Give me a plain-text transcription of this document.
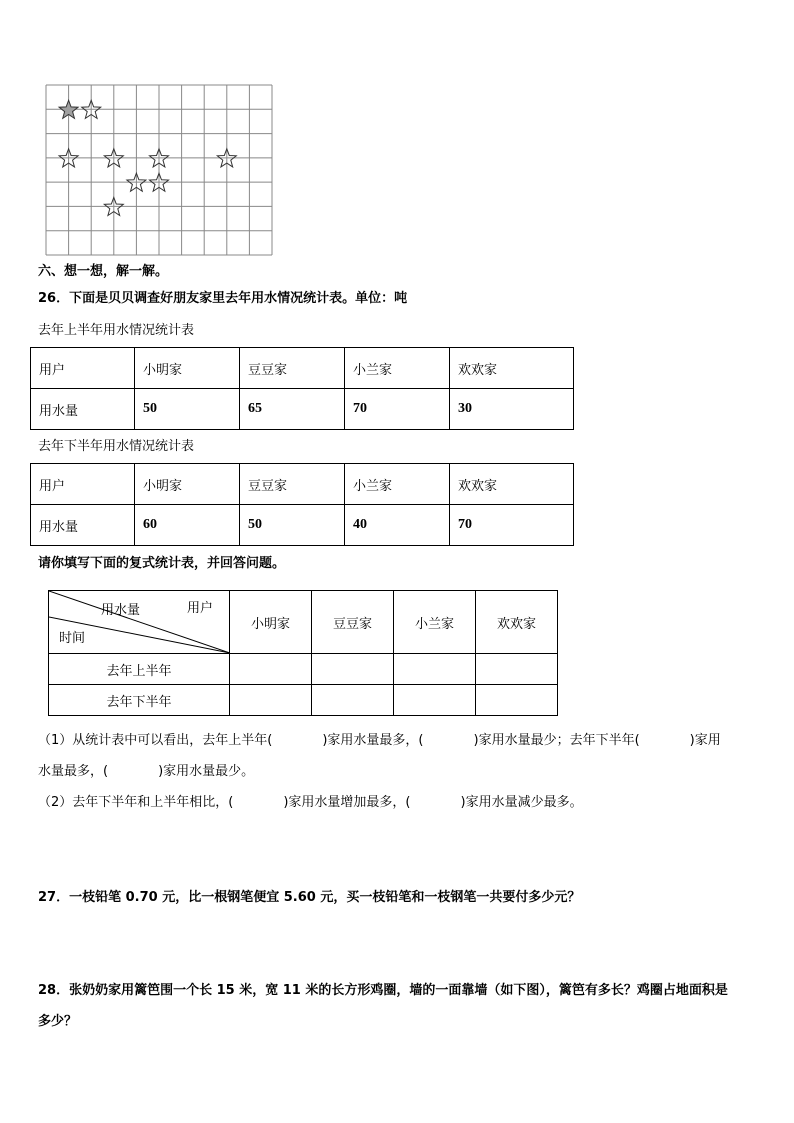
六、想一想，解一解。
26．下面是贝贝调查好朋友家里去年用水情况统计表。单位：吨
去年上半年用水情况统计表
用户	小明家	豆豆家	小兰家	欢欢家
用水量	50	65	70	30
去年下半年用水情况统计表
用户	小明家	豆豆家	小兰家	欢欢家
用水量	60	50	40	70
请你填写下面的复式统计表，并回答问题。
用户
用水量
时间	小明家	豆豆家	小兰家	欢欢家
去年上半年				
去年下半年				
（1）从统计表中可以看出，去年上半年(	)家用水量最多，(	)家用水量最少；去年下半年(	)家用
水量最多，(	)家用水量最少。
（2）去年下半年和上半年相比，(	)家用水量增加最多，(	)家用水量减少最多。
27．一枝铅笔 0.70 元，比一根钢笔便宜 5.60 元，买一枝铅笔和一枝钢笔一共要付多少元？
28．张奶奶家用篱笆围一个长 15 米，宽 11 米的长方形鸡圈，墙的一面靠墙（如下图），篱笆有多长？鸡圈占地面积是
多少？
